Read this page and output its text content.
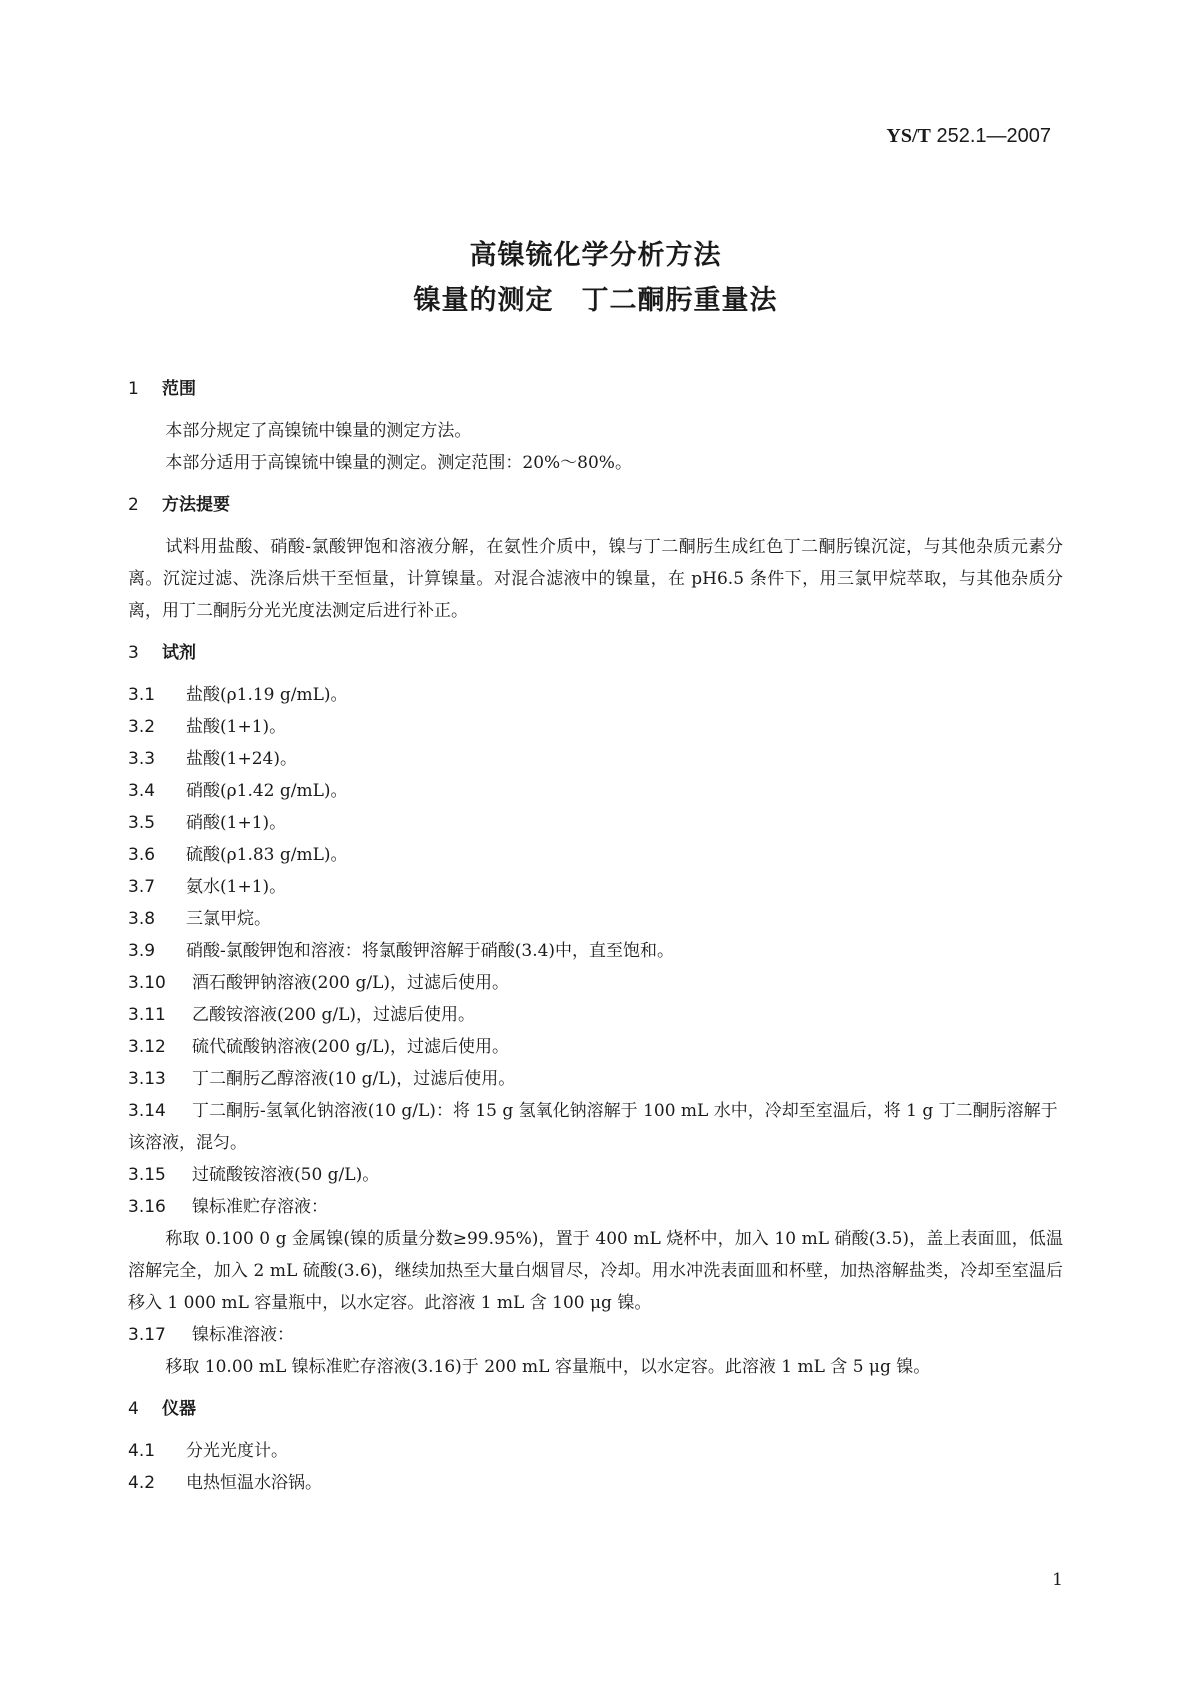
YS/T 252.1—2007
高镍锍化学分析方法
镍量的测定　丁二酮肟重量法

1 范围

本部分规定了高镍锍中镍量的测定方法。

本部分适用于高镍锍中镍量的测定。测定范围：20%～80%。

2 方法提要

试料用盐酸、硝酸-氯酸钾饱和溶液分解，在氨性介质中，镍与丁二酮肟生成红色丁二酮肟镍沉淀，与其他杂质元素分离。沉淀过滤、洗涤后烘干至恒量，计算镍量。对混合滤液中的镍量，在 pH6.5 条件下，用三氯甲烷萃取，与其他杂质分离，用丁二酮肟分光光度法测定后进行补正。

3 试剂

3.1 盐酸(ρ1.19 g/mL)。

3.2 盐酸(1+1)。

3.3 盐酸(1+24)。

3.4 硝酸(ρ1.42 g/mL)。

3.5 硝酸(1+1)。

3.6 硫酸(ρ1.83 g/mL)。

3.7 氨水(1+1)。

3.8 三氯甲烷。

3.9 硝酸-氯酸钾饱和溶液：将氯酸钾溶解于硝酸(3.4)中，直至饱和。

3.10 酒石酸钾钠溶液(200 g/L)，过滤后使用。

3.11 乙酸铵溶液(200 g/L)，过滤后使用。

3.12 硫代硫酸钠溶液(200 g/L)，过滤后使用。

3.13 丁二酮肟乙醇溶液(10 g/L)，过滤后使用。

3.14 丁二酮肟-氢氧化钠溶液(10 g/L)：将 15 g 氢氧化钠溶解于 100 mL 水中，冷却至室温后，将 1 g 丁二酮肟溶解于该溶液，混匀。

3.15 过硫酸铵溶液(50 g/L)。

3.16 镍标准贮存溶液：

称取 0.100 0 g 金属镍(镍的质量分数≥99.95%)，置于 400 mL 烧杯中，加入 10 mL 硝酸(3.5)，盖上表面皿，低温溶解完全，加入 2 mL 硫酸(3.6)，继续加热至大量白烟冒尽，冷却。用水冲洗表面皿和杯壁，加热溶解盐类，冷却至室温后移入 1 000 mL 容量瓶中，以水定容。此溶液 1 mL 含 100 μg 镍。

3.17 镍标准溶液：

移取 10.00 mL 镍标准贮存溶液(3.16)于 200 mL 容量瓶中，以水定容。此溶液 1 mL 含 5 μg 镍。

4 仪器

4.1 分光光度计。

4.2 电热恒温水浴锅。

1
